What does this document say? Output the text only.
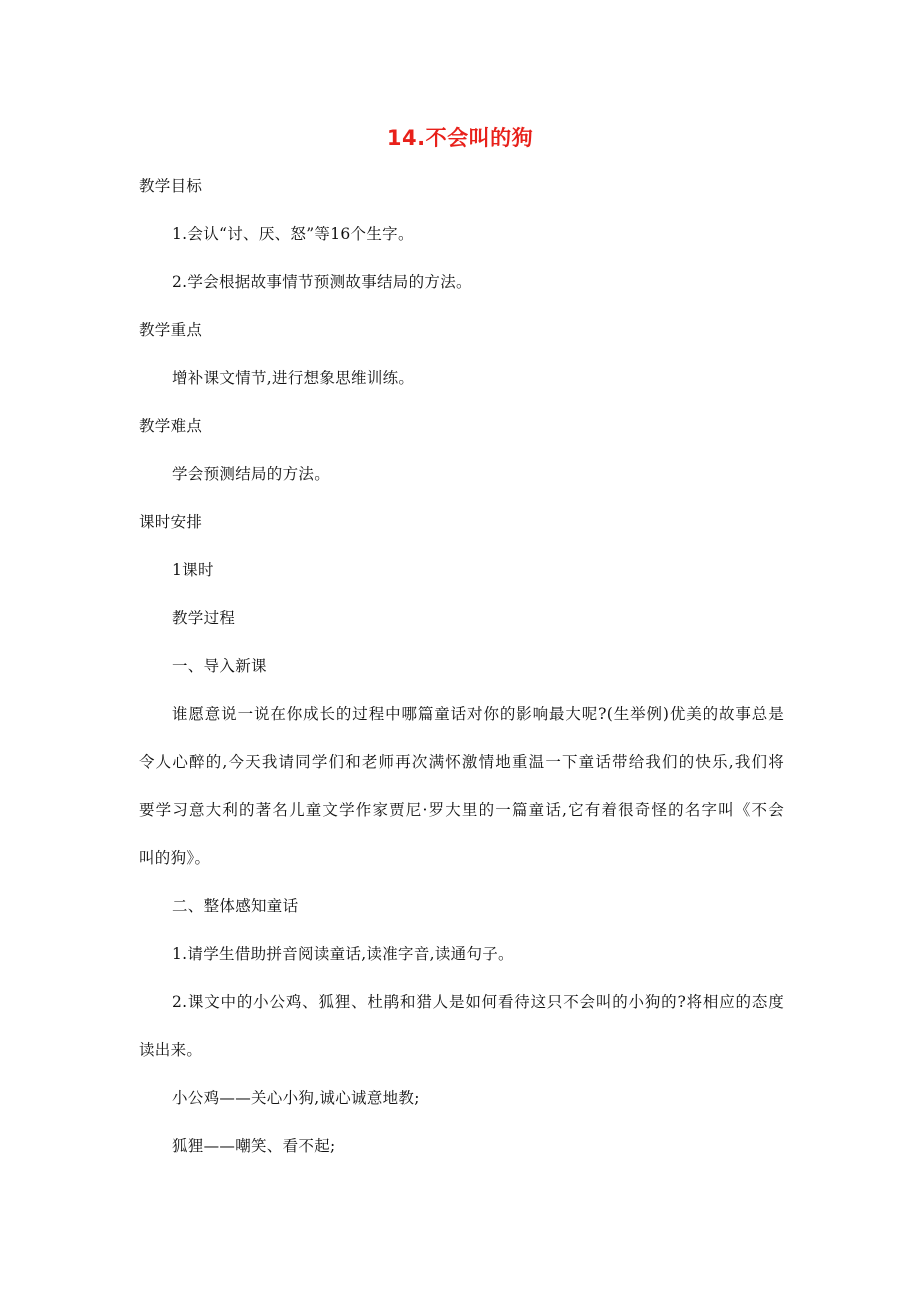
14.不会叫的狗
教学目标
1.会认“讨、厌、怒”等16个生字。
2.学会根据故事情节预测故事结局的方法。
教学重点
增补课文情节,进行想象思维训练。
教学难点
学会预测结局的方法。
课时安排
1课时
教学过程
一、导入新课
谁愿意说一说在你成长的过程中哪篇童话对你的影响最大呢?(生举例)优美的故事总是
令人心醉的,今天我请同学们和老师再次满怀激情地重温一下童话带给我们的快乐,我们将
要学习意大利的著名儿童文学作家贾尼·罗大里的一篇童话,它有着很奇怪的名字叫《不会
叫的狗》。
二、整体感知童话
1.请学生借助拼音阅读童话,读准字音,读通句子。
2.课文中的小公鸡、狐狸、杜鹃和猎人是如何看待这只不会叫的小狗的?将相应的态度
读出来。
小公鸡——关心小狗,诚心诚意地教;
狐狸——嘲笑、看不起;
